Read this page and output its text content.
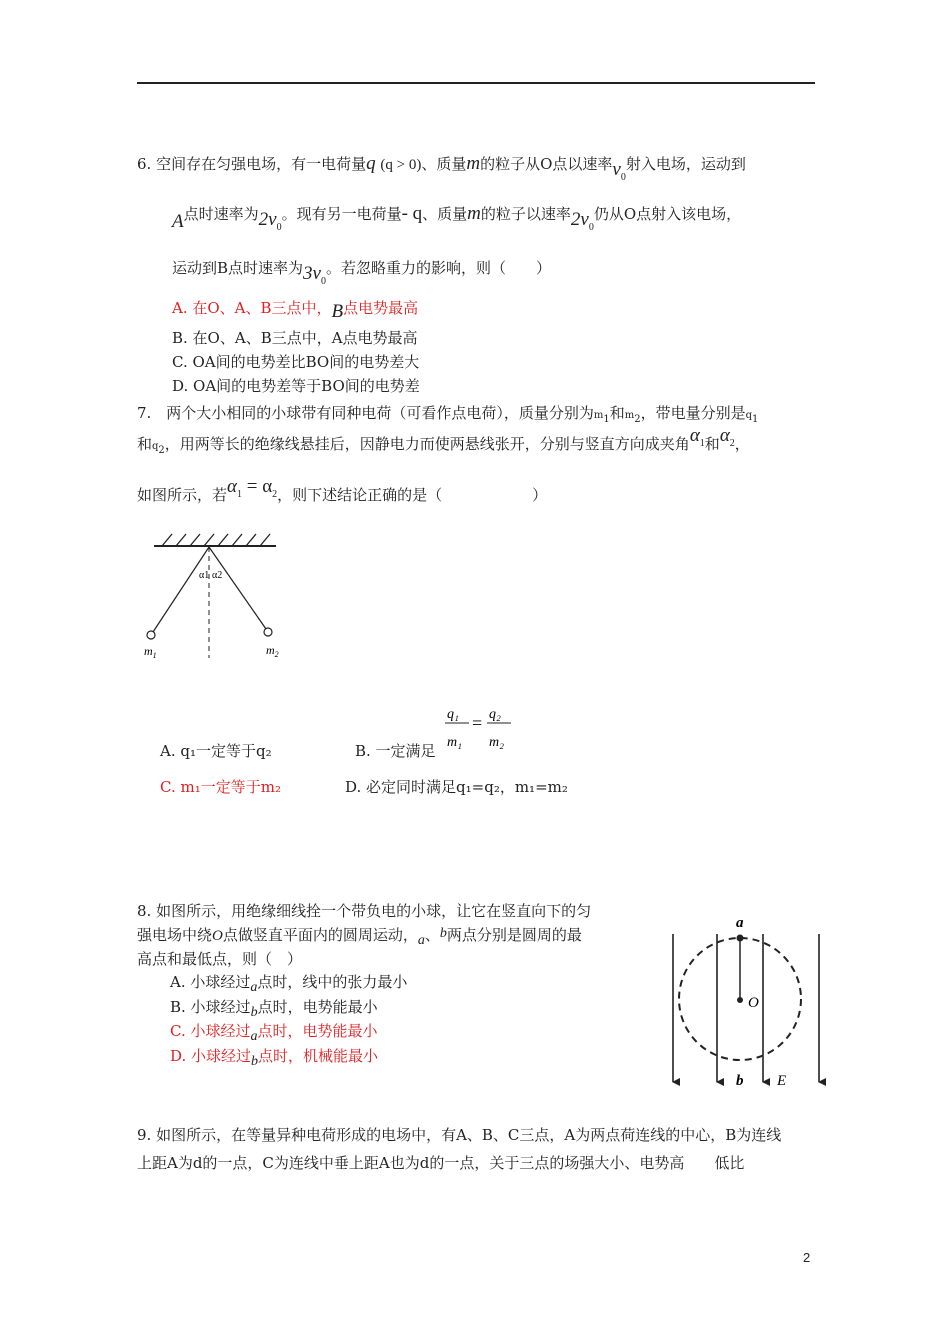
6. 空间存在匀强电场，有一电荷量q (q > 0)、质量m的粒子从O点以速率$v_0$射入电场，运动到
A点时速率为$2v_0$。现有另一电荷量- q、质量m的粒子以速率$2v_0$仍从O点射入该电场，
运动到B点时速率为$3v_0$。若忽略重力的影响，则（　　）
A. 在O、A、B三点中，B点电势最高
B. 在O、A、B三点中，A点电势最高
C. OA间的电势差比BO间的电势差大
D. OA间的电势差等于BO间的电势差
7.　两个大小相同的小球带有同种电荷（可看作点电荷），质量分别为$m_1$和$m_2$，带电量分别是$q_1$
和$q_2$，用两等长的绝缘线悬挂后，因静电力而使两悬线张开，分别与竖直方向成夹角$\alpha_1$和$\alpha_2$，
如图所示，若$\alpha_1 = \alpha_2$，则下述结论正确的是（　　　　　　）
α1 α2
$m_1$	$m_2$
q₁
m₁
= q₂
m₂
A. q₁一定等于q₂	B. 一定满足
C. m₁一定等于m₂	D. 必定同时满足q₁=q₂，m₁=m₂
8. 如图所示，用绝缘细线拴一个带负电的小球，让它在竖直向下的匀
强电场中绕O点做竖直平面内的圆周运动，a、b两点分别是圆周的最
高点和最低点，则（　）
A. 小球经过a点时，线中的张力最小
B. 小球经过b点时，电势能最小
C. 小球经过a点时，电势能最小
D. 小球经过b点时，机械能最小
a
O
b E
9. 如图所示，在等量异种电荷形成的电场中，有A、B、C三点，A为两点荷连线的中心，B为连线
上距A为d的一点，C为连线中垂上距A也为d的一点，关于三点的场强大小、电势高　　低比
2
